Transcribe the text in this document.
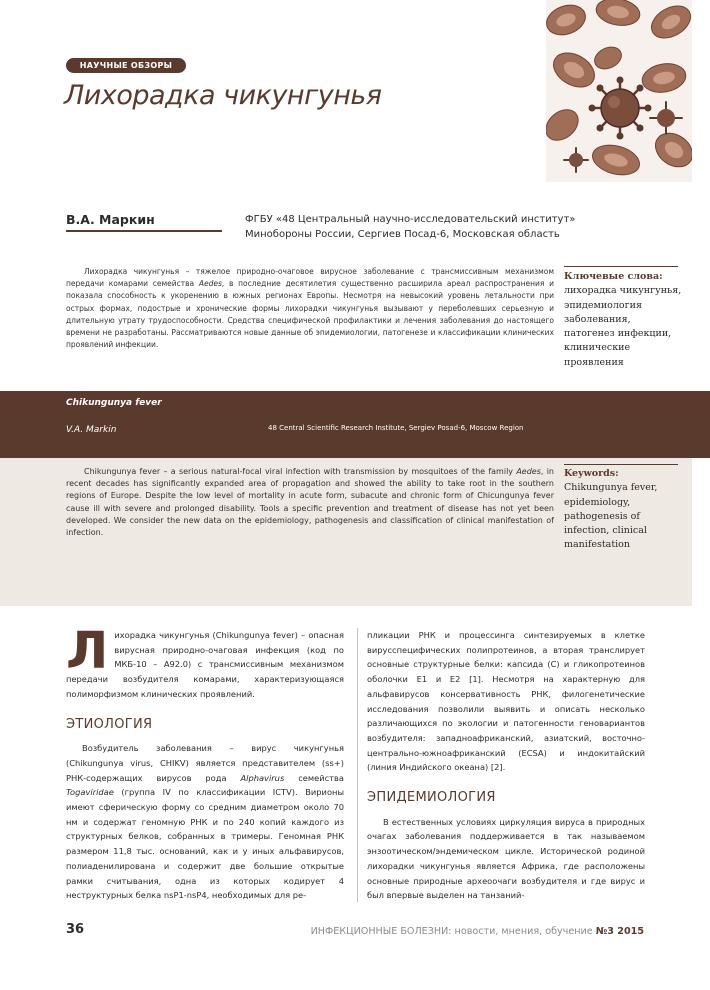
НАУЧНЫЕ ОБЗОРЫ
Лихорадка чикунгунья
В.А. Маркин	ФГБУ «48 Центральный научно-исследовательский институт» Минобороны России, Сергиев Посад-6, Московская область
Лихорадка чикунгунья – тяжелое природно-очаговое вирусное заболевание с трансмиссивным механизмом передачи комарами семейства Aedes, в последние десятилетия существенно расширила ареал распространения и показала способность к укоренению в южных регионах Европы. Несмотря на невысокий уровень летальности при острых формах, подострые и хронические формы лихорадки чикунгунья вызывают у переболевших серьезную и длительную утрату трудоспособности. Средства специфической профилактики и лечения заболевания до настоящего времени не разработаны. Рассматриваются новые данные об эпидемиологии, патогенезе и классификации клинических проявлений инфекции.
Ключевые слова:
лихорадка чикунгунья, эпидемиология заболевания, патогенез инфекции, клинические проявления
Chikungunya fever
V.A. Markin	48 Central Scientific Research Institute, Sergiev Posad-6, Moscow Region
Chikungunya fever – a serious natural-focal viral infection with transmission by mosquitoes of the family Aedes, in recent decades has significantly expanded area of propagation and showed the ability to take root in the southern regions of Europe. Despite the low level of mortality in acute form, subacute and chronic form of Chicungunya fever cause ill with severe and prolonged disability. Tools a specific prevention and treatment of disease has not yet been developed. We consider the new data on the epidemiology, pathogenesis and classification of clinical manifestation of infection.
Keywords:
Chikungunya fever, epidemiology, pathogenesis of infection, clinical manifestation

Лихорадка чикунгунья (Chikungunya fever) – опасная вирусная природно-очаговая инфекция (код по МКБ-10 – А92.0) с трансмиссивным механизмом передачи возбудителя комарами, характеризующаяся полиморфизмом клинических проявлений.

ЭТИОЛОГИЯ

Возбудитель заболевания – вирус чикунгунья (Chikungunya virus, CHIKV) является представителем (ss+) РНК-содержащих вирусов рода Alphavirus семейства Togaviridae (группа IV по классификации ICTV). Вирионы имеют сферическую форму со средним диаметром около 70 нм и содержат геномную РНК и по 240 копий каждого из структурных белков, собранных в тримеры. Геномная РНК размером 11,8 тыс. оснований, как и у иных альфавирусов, полиаденилирована и содержит две большие открытые рамки считывания, одна из которых кодирует 4 неструктурных белка nsP1-nsP4, необходимых для ре-

пликации РНК и процессинга синтезируемых в клетке вирусспецифических полипротеинов, а вторая транслирует основные структурные белки: капсида (С) и гликопротеинов оболочки Е1 и Е2 [1]. Несмотря на характерную для альфавирусов консервативность РНК, филогенетические исследования позволили выявить и описать несколько различающихся по экологии и патогенности геновариантов возбудителя: западноафриканский, азиатский, восточно-центрально-южноафриканский (ECSA) и индокитайский (линия Индийского океана) [2].

ЭПИДЕМИОЛОГИЯ

В естественных условиях циркуляция вируса в природных очагах заболевания поддерживается в так называемом энзоотическом/эндемическом цикле. Исторической родиной лихорадки чикунгунья является Африка, где расположены основные природные археоочаги возбудителя и где вирус и был впервые выделен на танзаний-

36	ИНФЕКЦИОННЫЕ БОЛЕЗНИ: новости, мнения, обучение №3 2015
